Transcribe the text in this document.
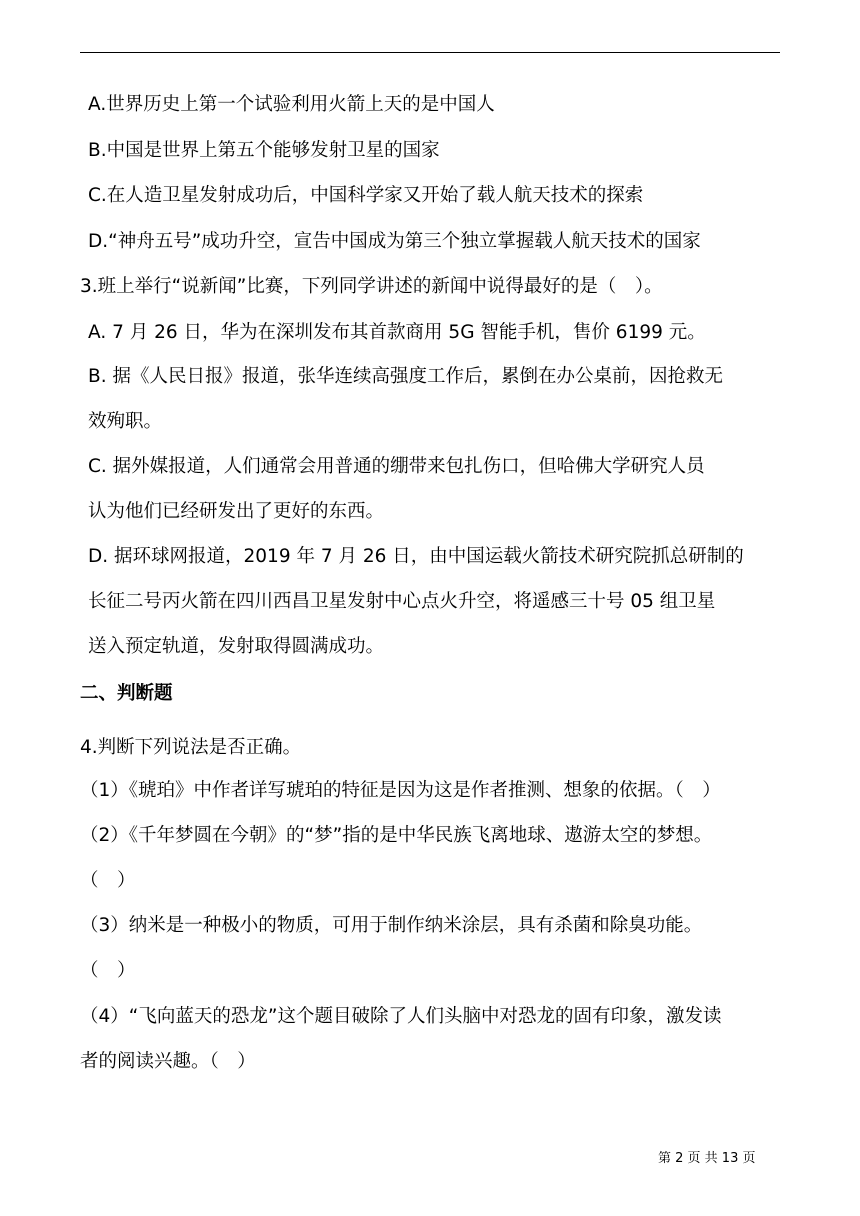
A.世界历史上第一个试验利用火箭上天的是中国人
B.中国是世界上第五个能够发射卫星的国家
C.在人造卫星发射成功后，中国科学家又开始了载人航天技术的探索
D.“神舟五号”成功升空，宣告中国成为第三个独立掌握载人航天技术的国家
3.班上举行“说新闻”比赛，下列同学讲述的新闻中说得最好的是（　）。
A. 7 月 26 日，华为在深圳发布其首款商用 5G 智能手机，售价 6199 元。
B. 据《人民日报》报道，张华连续高强度工作后，累倒在办公桌前，因抢救无
效殉职。
C. 据外媒报道，人们通常会用普通的绷带来包扎伤口，但哈佛大学研究人员
认为他们已经研发出了更好的东西。
D. 据环球网报道，2019 年 7 月 26 日，由中国运载火箭技术研究院抓总研制的
长征二号丙火箭在四川西昌卫星发射中心点火升空，将遥感三十号 05 组卫星
送入预定轨道，发射取得圆满成功。
二、判断题
4.判断下列说法是否正确。
（1）《琥珀》中作者详写琥珀的特征是因为这是作者推测、想象的依据。（　）
（2）《千年梦圆在今朝》的“梦”指的是中华民族飞离地球、遨游太空的梦想。
（　）
（3）纳米是一种极小的物质，可用于制作纳米涂层，具有杀菌和除臭功能。
（　）
（4）“飞向蓝天的恐龙”这个题目破除了人们头脑中对恐龙的固有印象，激发读
者的阅读兴趣。（　）
第 2 页 共 13 页
